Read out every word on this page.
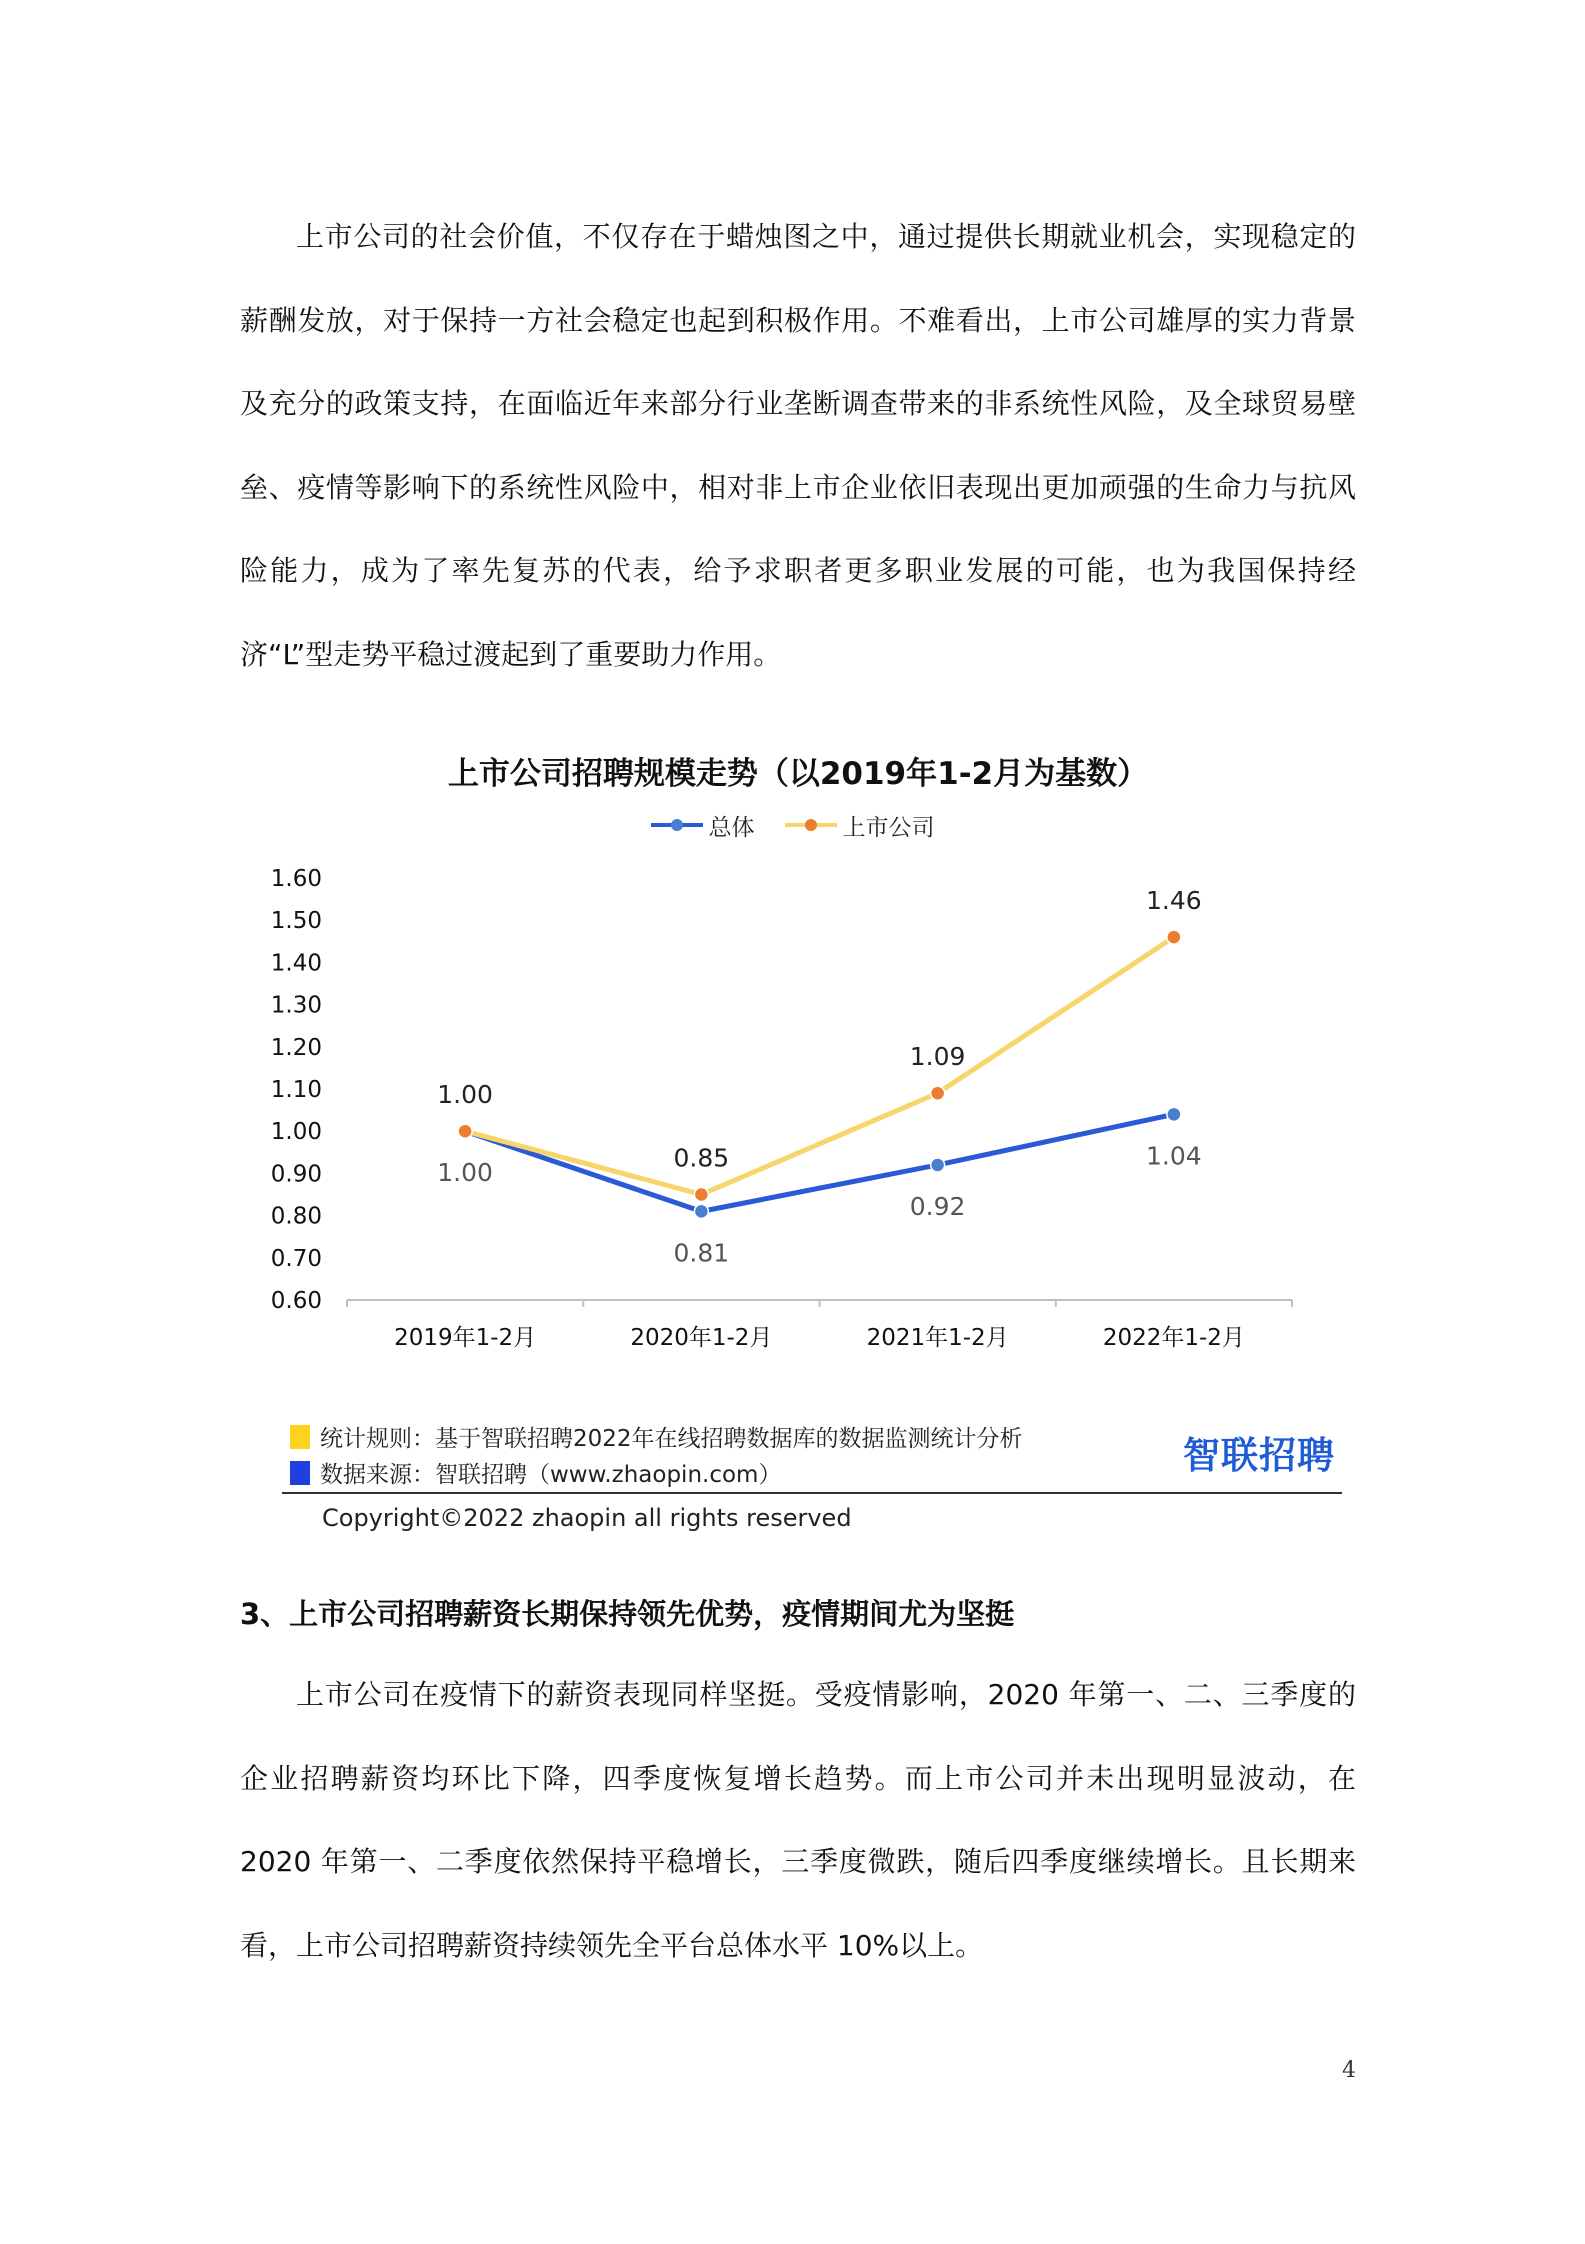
上市公司的社会价值，不仅存在于蜡烛图之中，通过提供长期就业机会，实现稳定的薪酬发放，对于保持一方社会稳定也起到积极作用。不难看出，上市公司雄厚的实力背景及充分的政策支持，在面临近年来部分行业垄断调查带来的非系统性风险，及全球贸易壁垒、疫情等影响下的系统性风险中，相对非上市企业依旧表现出更加顽强的生命力与抗风险能力，成为了率先复苏的代表，给予求职者更多职业发展的可能，也为我国保持经济“L”型走势平稳过渡起到了重要助力作用。

上市公司招聘规模走势（以2019年1-2月为基数）
总体	上市公司
0.60
0.70
0.80
0.90
1.00
1.10
1.20
1.30
1.40
1.50
1.60
2019年1-2月	2020年1-2月	2021年1-2月	2022年1-2月
1.00
0.81
0.92
1.04
1.00
0.85
1.09
1.46
统计规则：基于智联招聘2022年在线招聘数据库的数据监测统计分析
数据来源：智联招聘（www.zhaopin.com）	智联招聘
Copyright©2022 zhaopin all rights reserved
3、上市公司招聘薪资长期保持领先优势，疫情期间尤为坚挺

上市公司在疫情下的薪资表现同样坚挺。受疫情影响，2020 年第一、二、三季度的企业招聘薪资均环比下降，四季度恢复增长趋势。而上市公司并未出现明显波动，在 2020 年第一、二季度依然保持平稳增长，三季度微跌，随后四季度继续增长。且长期来看，上市公司招聘薪资持续领先全平台总体水平 10%以上。

4
